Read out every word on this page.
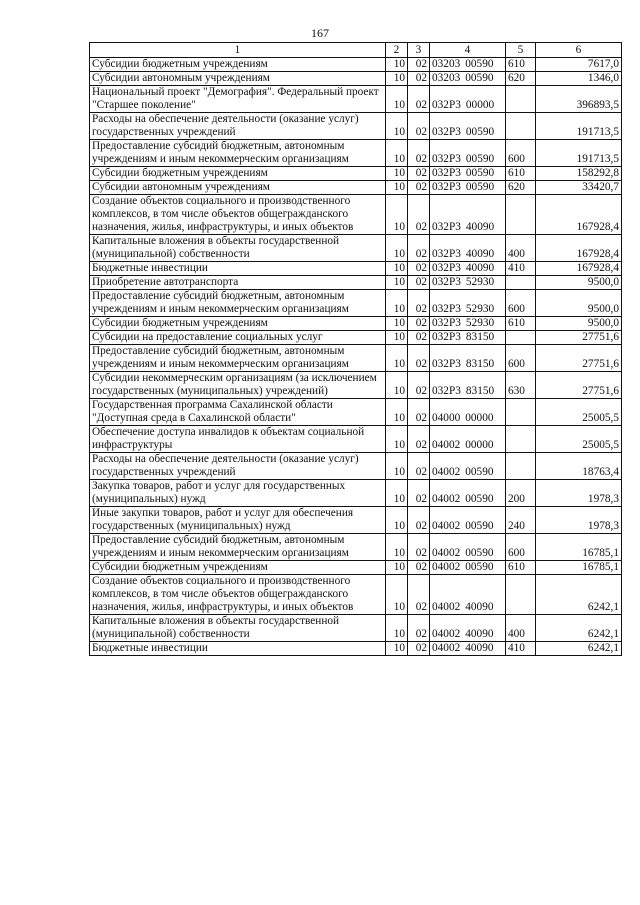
167
1	2	3	4	5	6
Субсидии бюджетным учреждениям	10	02	03203 00590	610	7617,0
Субсидии автономным учреждениям	10	02	03203 00590	620	1346,0
Национальный проект "Демография". Федеральный проект "Старшее поколение"	10	02	032Р3 00000		396893,5
Расходы на обеспечение деятельности (оказание услуг) государственных учреждений	10	02	032Р3 00590		191713,5
Предоставление субсидий бюджетным, автономным учреждениям и иным некоммерческим организациям	10	02	032Р3 00590	600	191713,5
Субсидии бюджетным учреждениям	10	02	032Р3 00590	610	158292,8
Субсидии автономным учреждениям	10	02	032Р3 00590	620	33420,7
Создание объектов социального и производственного комплексов, в том числе объектов общегражданского назначения, жилья, инфраструктуры, и иных объектов	10	02	032Р3 40090		167928,4
Капитальные вложения в объекты государственной (муниципальной) собственности	10	02	032Р3 40090	400	167928,4
Бюджетные инвестиции	10	02	032Р3 40090	410	167928,4
Приобретение автотранспорта	10	02	032Р3 52930		9500,0
Предоставление субсидий бюджетным, автономным учреждениям и иным некоммерческим организациям	10	02	032Р3 52930	600	9500,0
Субсидии бюджетным учреждениям	10	02	032Р3 52930	610	9500,0
Субсидии на предоставление социальных услуг	10	02	032Р3 83150		27751,6
Предоставление субсидий бюджетным, автономным учреждениям и иным некоммерческим организациям	10	02	032Р3 83150	600	27751,6
Субсидии некоммерческим организациям (за исключением государственных (муниципальных) учреждений)	10	02	032Р3 83150	630	27751,6
Государственная программа Сахалинской области "Доступная среда в Сахалинской области"	10	02	04000 00000		25005,5
Обеспечение доступа инвалидов к объектам социальной инфраструктуры	10	02	04002 00000		25005,5
Расходы на обеспечение деятельности (оказание услуг) государственных учреждений	10	02	04002 00590		18763,4
Закупка товаров, работ и услуг для государственных (муниципальных) нужд	10	02	04002 00590	200	1978,3
Иные закупки товаров, работ и услуг для обеспечения государственных (муниципальных) нужд	10	02	04002 00590	240	1978,3
Предоставление субсидий бюджетным, автономным учреждениям и иным некоммерческим организациям	10	02	04002 00590	600	16785,1
Субсидии бюджетным учреждениям	10	02	04002 00590	610	16785,1
Создание объектов социального и производственного комплексов, в том числе объектов общегражданского назначения, жилья, инфраструктуры, и иных объектов	10	02	04002 40090		6242,1
Капитальные вложения в объекты государственной (муниципальной) собственности	10	02	04002 40090	400	6242,1
Бюджетные инвестиции	10	02	04002 40090	410	6242,1
